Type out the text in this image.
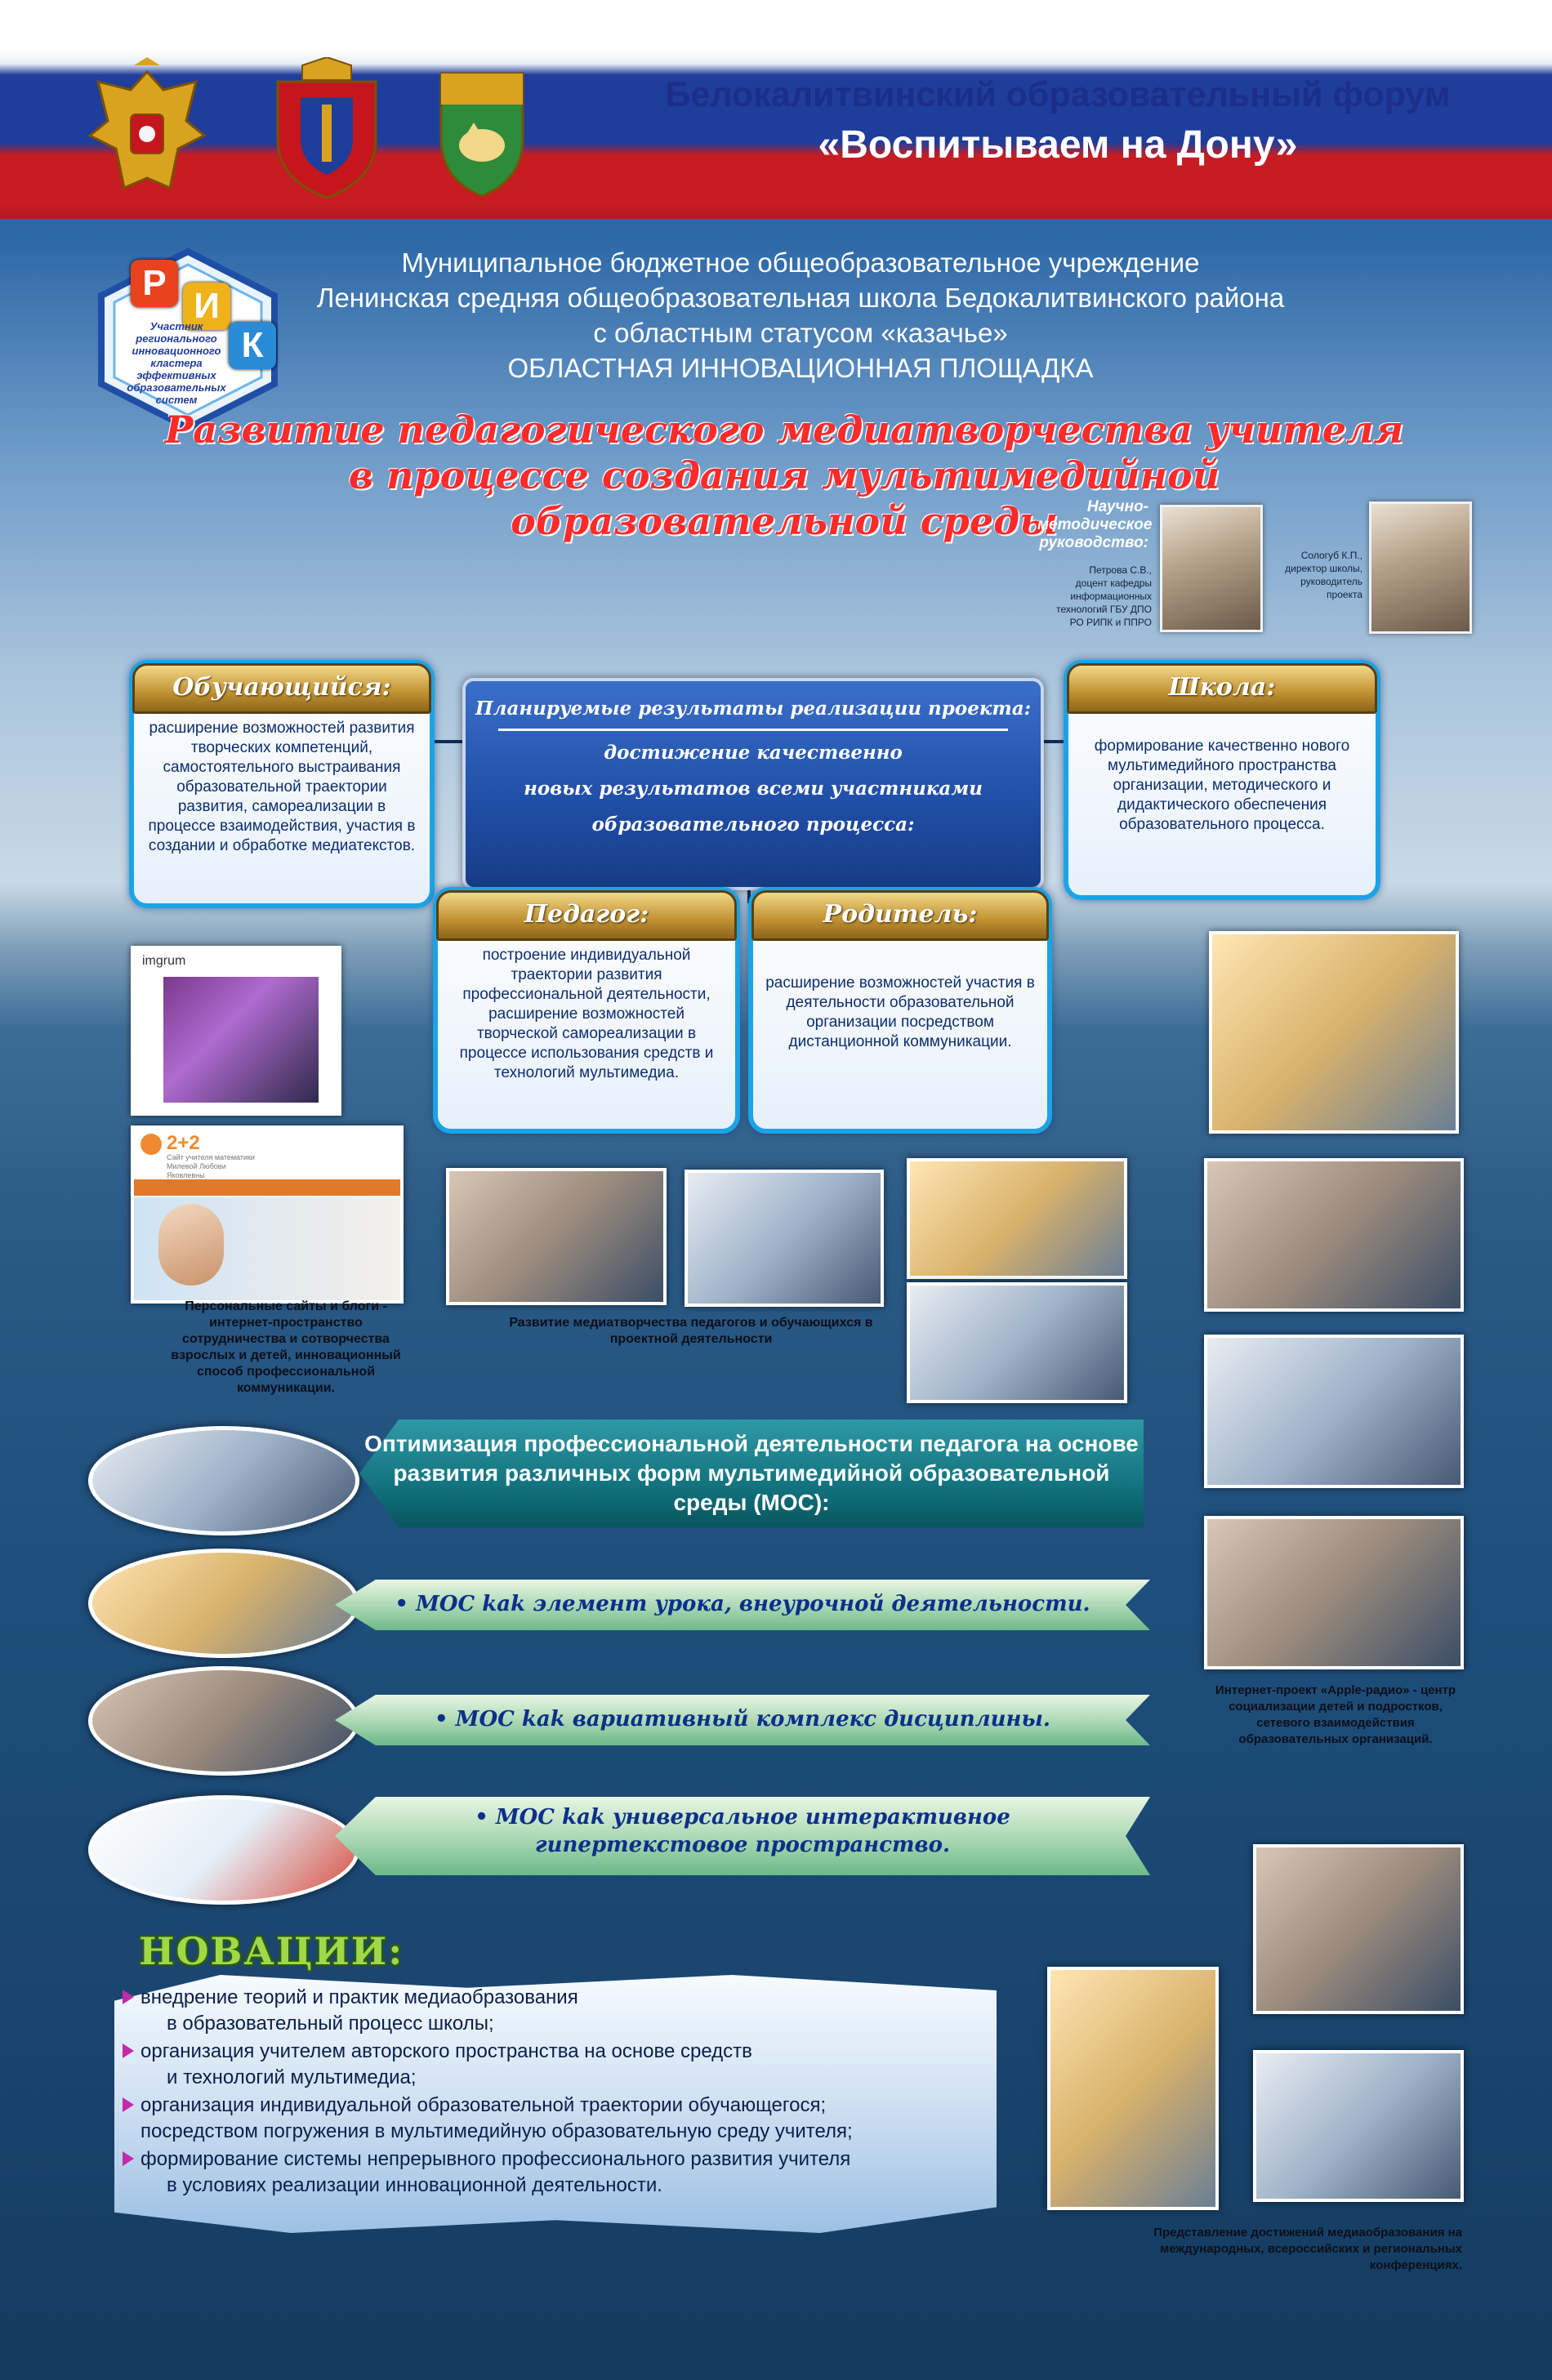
Белокалитвинский образовательный форум
«Воспитываем на Дону»
Р
И
К
Участник регионального инновационного кластера эффективных образовательных систем
Муниципальное бюджетное общеобразовательное учреждение
Ленинская средняя общеобразовательная школа Бедокалитвинского района
с областным статусом «казачье»
ОБЛАСТНАЯ ИННОВАЦИОННАЯ ПЛОЩАДКА
Развитие педагогического медиатворчества учителя
в процессе создания мультимедийной образовательной среды	Научно-методическое руководство:
Петрова С.В.,
доцент кафедры информационных технологий ГБУ ДПО РО РИПК и ППРО
Сологуб К.П.,
директор школы, руководитель проекта
Планируемые результаты реализации проекта:
достижение качественно
новых результатов всеми участниками
образовательного процесса:
Обучающийся:
расширение возможностей развития творческих компетенций, самостоятельного выстраивания образовательной траектории развития, самореализации в процессе взаимодействия, участия в создании и обработке медиатекстов.
Школа:
формирование качественно нового мультимедийного пространства организации, методического и дидактического обеспечения образовательного процесса.
Педагог:
построение индивидуальной траектории развития профессиональной деятельности, расширение возможностей творческой самореализации в процессе использования средств и технологий мультимедиа.
Родитель:
расширение возможностей участия в деятельности образовательной организации посредством дистанционной коммуникации.
imgrum
2+2
Сайт учителя математики Милевой Любови Яковлевны
Персональные сайты и блоги - интернет-пространство сотрудничества и сотворчества взрослых и детей, инновационный способ профессиональной коммуникации.
Развитие медиатворчества педагогов и обучающихся в проектной деятельности
Интернет-проект «Apple-радио» - центр социализации детей и подростков, сетевого взаимодействия образовательных организаций.
Оптимизация профессиональной деятельности педагога на основе развития различных форм мультимедийной образовательной среды (МОС):
• МОС kak элемент урока, внеурочной деятельности.
• МОС kak вариативный комплекс дисциплины.
• МОС kak универсальное интерактивное
гипертекстовое пространство.
НОВАЦИИ:
внедрение теорий и практик медиаобразования
в образовательный процесс школы;
организация учителем авторского пространства на основе средств
и технологий мультимедиа;
организация индивидуальной образовательной траектории обучающегося;
посредством погружения в мультимедийную образовательную среду учителя;
формирование системы непрерывного профессионального развития учителя
в условиях реализации инновационной деятельности.
Представление достижений медиаобразования на международных, всероссийских и региональных конференциях.
